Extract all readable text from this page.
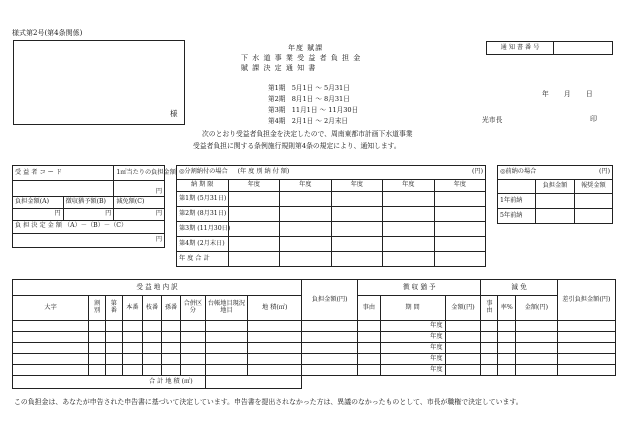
様式第2号(第4条関係)
様
年度 賦課
下 水 道 事 業 受 益 者 負 担 金
賦 課 決 定 通 知 書
通 知 書 番 号	
第1期 5月1日 ～ 5月31日
第2期 8月1日 ～ 8月31日
第3期 11月1日 ～ 11月30日
第4期 2月1日 ～ 2月末日
年       月       日
光市長	印
次のとおり受益者負担金を決定したので、周南東都市計画下水道事業
受益者負担に関する条例施行規則第4条の規定により、通知します。
受 益 者 コ ー ド		1㎡当たりの負担金額
		円
負担金額(A)	徴収猶予額(B)	減免額(C)
円	円	円
負 担 決 定 金 額 （A）－（B）－（C）		
円		
◎分割納付の場合 (年 度 別 納 付 額)				(円)	
納 期 限	年度	年度	年度	年度	年度
第1期 (5月31日)					
第2期 (8月31日)					
第3期 (11月30日)					
第4期 (2月末日)					
年 度 合 計					
◎前納の場合		(円)
	負担金額	報奨金額
1年前納		
5年前納		
受 益 地 内 訳									負担金額(円)	徴 収 猶 予			減 免			差引負担金額(円)
大字	割別	第番	本番	枝番	孫番	合併区分	台帳地目現況地目	地 積(㎡)		事由	期 間	金額(円)	事由	率%	金額(円)	
											年度					
											年度					
											年度					
											年度					
											年度					
合 計 地 積 (㎡)																
この負担金は、あなたが申告された申告書に基づいて決定しています。申告書を提出されなかった方は、異議のなかったものとして、市長が職権で決定しています。
